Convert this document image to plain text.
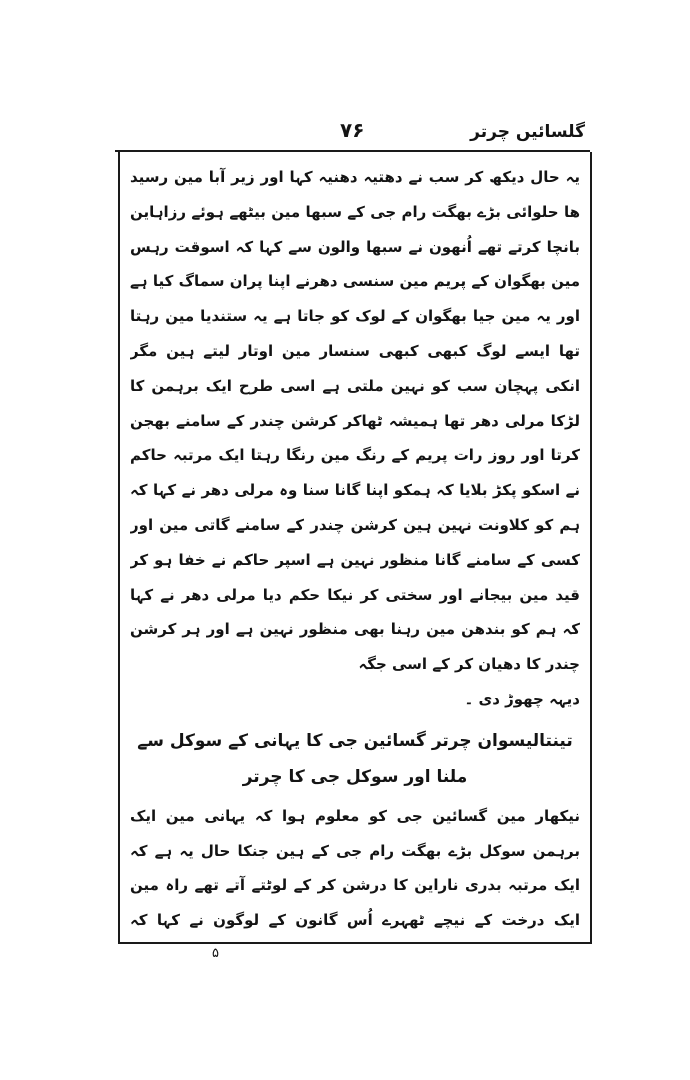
۷۶	گلسائیں چرتر

یہ حال دیکھ کر سب نے دھتیہ دھنیہ کہا اور زیر آبا مین رسید ھا حلوائی بڑے بھگت رام جی کے سبھا مین بیٹھے ہوئے رزاہاین بانچا کرتے تھے اُنھون نے سبھا والون سے کہا کہ اسوقت رہس مین بھگوان کے پریم مین سنسی دھرنے اپنا پران سماگ کیا ہے اور یہ مین جیا بھگوان کے لوک کو جاتا ہے یہ ستندیا مین رہتا تھا ایسے لوگ کبھی کبھی سنسار مین اوتار لیتے ہین مگر انکی پہچان سب کو نہین ملتی ہے اسی طرح ایک برہمن کا لڑکا مرلی دھر تھا ہمیشہ ٹھاکر کرشن چندر کے سامنے بھجن کرتا اور روز رات پریم کے رنگ مین رنگا رہتا ایک مرتبہ حاکم نے اسکو پکڑ بلایا کہ ہمکو اپنا گانا سنا وہ مرلی دھر نے کہا کہ ہم کو کلاونت نہین ہین کرشن چندر کے سامنے گاتی مین اور کسی کے سامنے گانا منظور نہین ہے اسپر حاکم نے خفا ہو کر قید مین بیجانے اور سختی کر نیکا حکم دیا مرلی دھر نے کہا کہ ہم کو بندھن مین رہنا بھی منظور نہین ہے اور ہر کرشن چندر کا دھیان کر کے اسی جگہ

دیہہ چھوڑ دی ۔

تینتالیسوان چرتر گسائین جی کا یہانی کے سوکل سے ملنا اور سوکل جی کا چرتر

نیکھار مین گسائین جی کو معلوم ہوا کہ یہانی مین ایک برہمن سوکل بڑے بھگت رام جی کے ہین جنکا حال یہ ہے کہ ایک مرتبہ بدری ناراین کا درشن کر کے لوٹتے آتے تھے راہ مین ایک درخت کے نیچے ٹھہرے اُس گانون کے لوگون نے کہا کہ

۵
